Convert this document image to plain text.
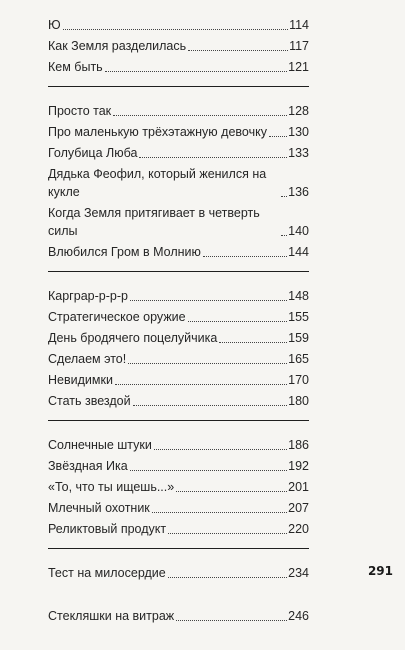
Ю	114
Как Земля разделилась	117
Кем быть	121
Просто так	128
Про маленькую трёхэтажную девочку 130
Голубица Люба	133
Дядька Феофил, который женился на кукле	136
Когда Земля притягивает в четверть силы	140
Влюбился Гром в Молнию	144
Карграр-р-р-р	148
Стратегическое оружие	155
День бродячего поцелуйчика	159
Сделаем это!	165
Невидимки	170
Стать звездой	180
Солнечные штуки	186
Звёздная Ика	192
«То, что ты ищешь...»	201
Млечный охотник	207
Реликтовый продукт	220
Тест на милосердие	234
Стекляшки на витраж	246
291
